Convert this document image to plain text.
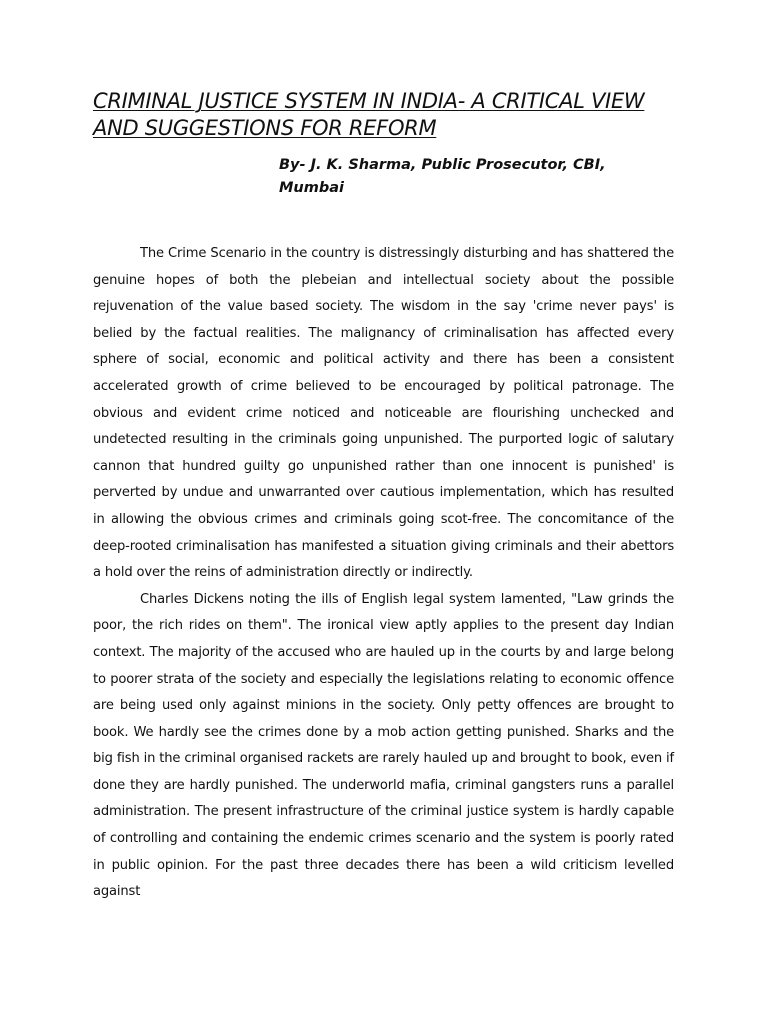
CRIMINAL JUSTICE SYSTEM IN INDIA- A CRITICAL VIEW AND SUGGESTIONS FOR REFORM
By- J. K. Sharma, Public Prosecutor, CBI,
Mumbai

The Crime Scenario in the country is distressingly disturbing and has shattered the genuine hopes of both the plebeian and intellectual society about the possible rejuvenation of the value based society. The wisdom in the say 'crime never pays' is belied by the factual realities. The malignancy of criminalisation has affected every sphere of social, economic and political activity and there has been a consistent accelerated growth of crime believed to be encouraged by political patronage. The obvious and evident crime noticed and noticeable are flourishing unchecked and undetected resulting in the criminals going unpunished. The purported logic of salutary cannon that hundred guilty go unpunished rather than one innocent is punished' is perverted by undue and unwarranted over cautious implementation, which has resulted in allowing the obvious crimes and criminals going scot-free. The concomitance of the deep-rooted criminalisation has manifested a situation giving criminals and their abettors a hold over the reins of administration directly or indirectly.

Charles Dickens noting the ills of English legal system lamented, "Law grinds the poor, the rich rides on them". The ironical view aptly applies to the present day Indian context. The majority of the accused who are hauled up in the courts by and large belong to poorer strata of the society and especially the legislations relating to economic offence are being used only against minions in the society. Only petty offences are brought to book. We hardly see the crimes done by a mob action getting punished. Sharks and the big fish in the criminal organised rackets are rarely hauled up and brought to book, even if done they are hardly punished. The underworld mafia, criminal gangsters runs a parallel administration. The present infrastructure of the criminal justice system is hardly capable of controlling and containing the endemic crimes scenario and the system is poorly rated in public opinion. For the past three decades there has been a wild criticism levelled against
